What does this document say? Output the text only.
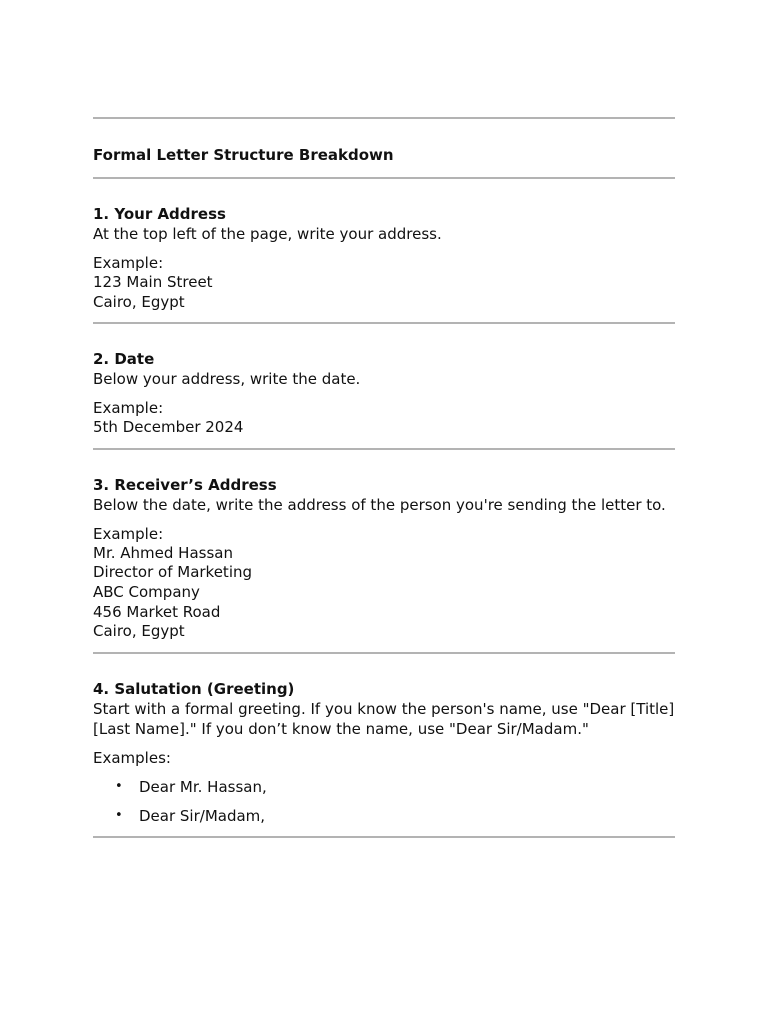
Formal Letter Structure Breakdown
1. Your Address
At the top left of the page, write your address.
Example:
123 Main Street
Cairo, Egypt
2. Date
Below your address, write the date.
Example:
5th December 2024
3. Receiver’s Address
Below the date, write the address of the person you're sending the letter to.
Example:
Mr. Ahmed Hassan
Director of Marketing
ABC Company
456 Market Road
Cairo, Egypt
4. Salutation (Greeting)
Start with a formal greeting. If you know the person's name, use "Dear [Title] [Last Name]." If you don’t know the name, use "Dear Sir/Madam."
Examples:
• Dear Mr. Hassan,
• Dear Sir/Madam,
